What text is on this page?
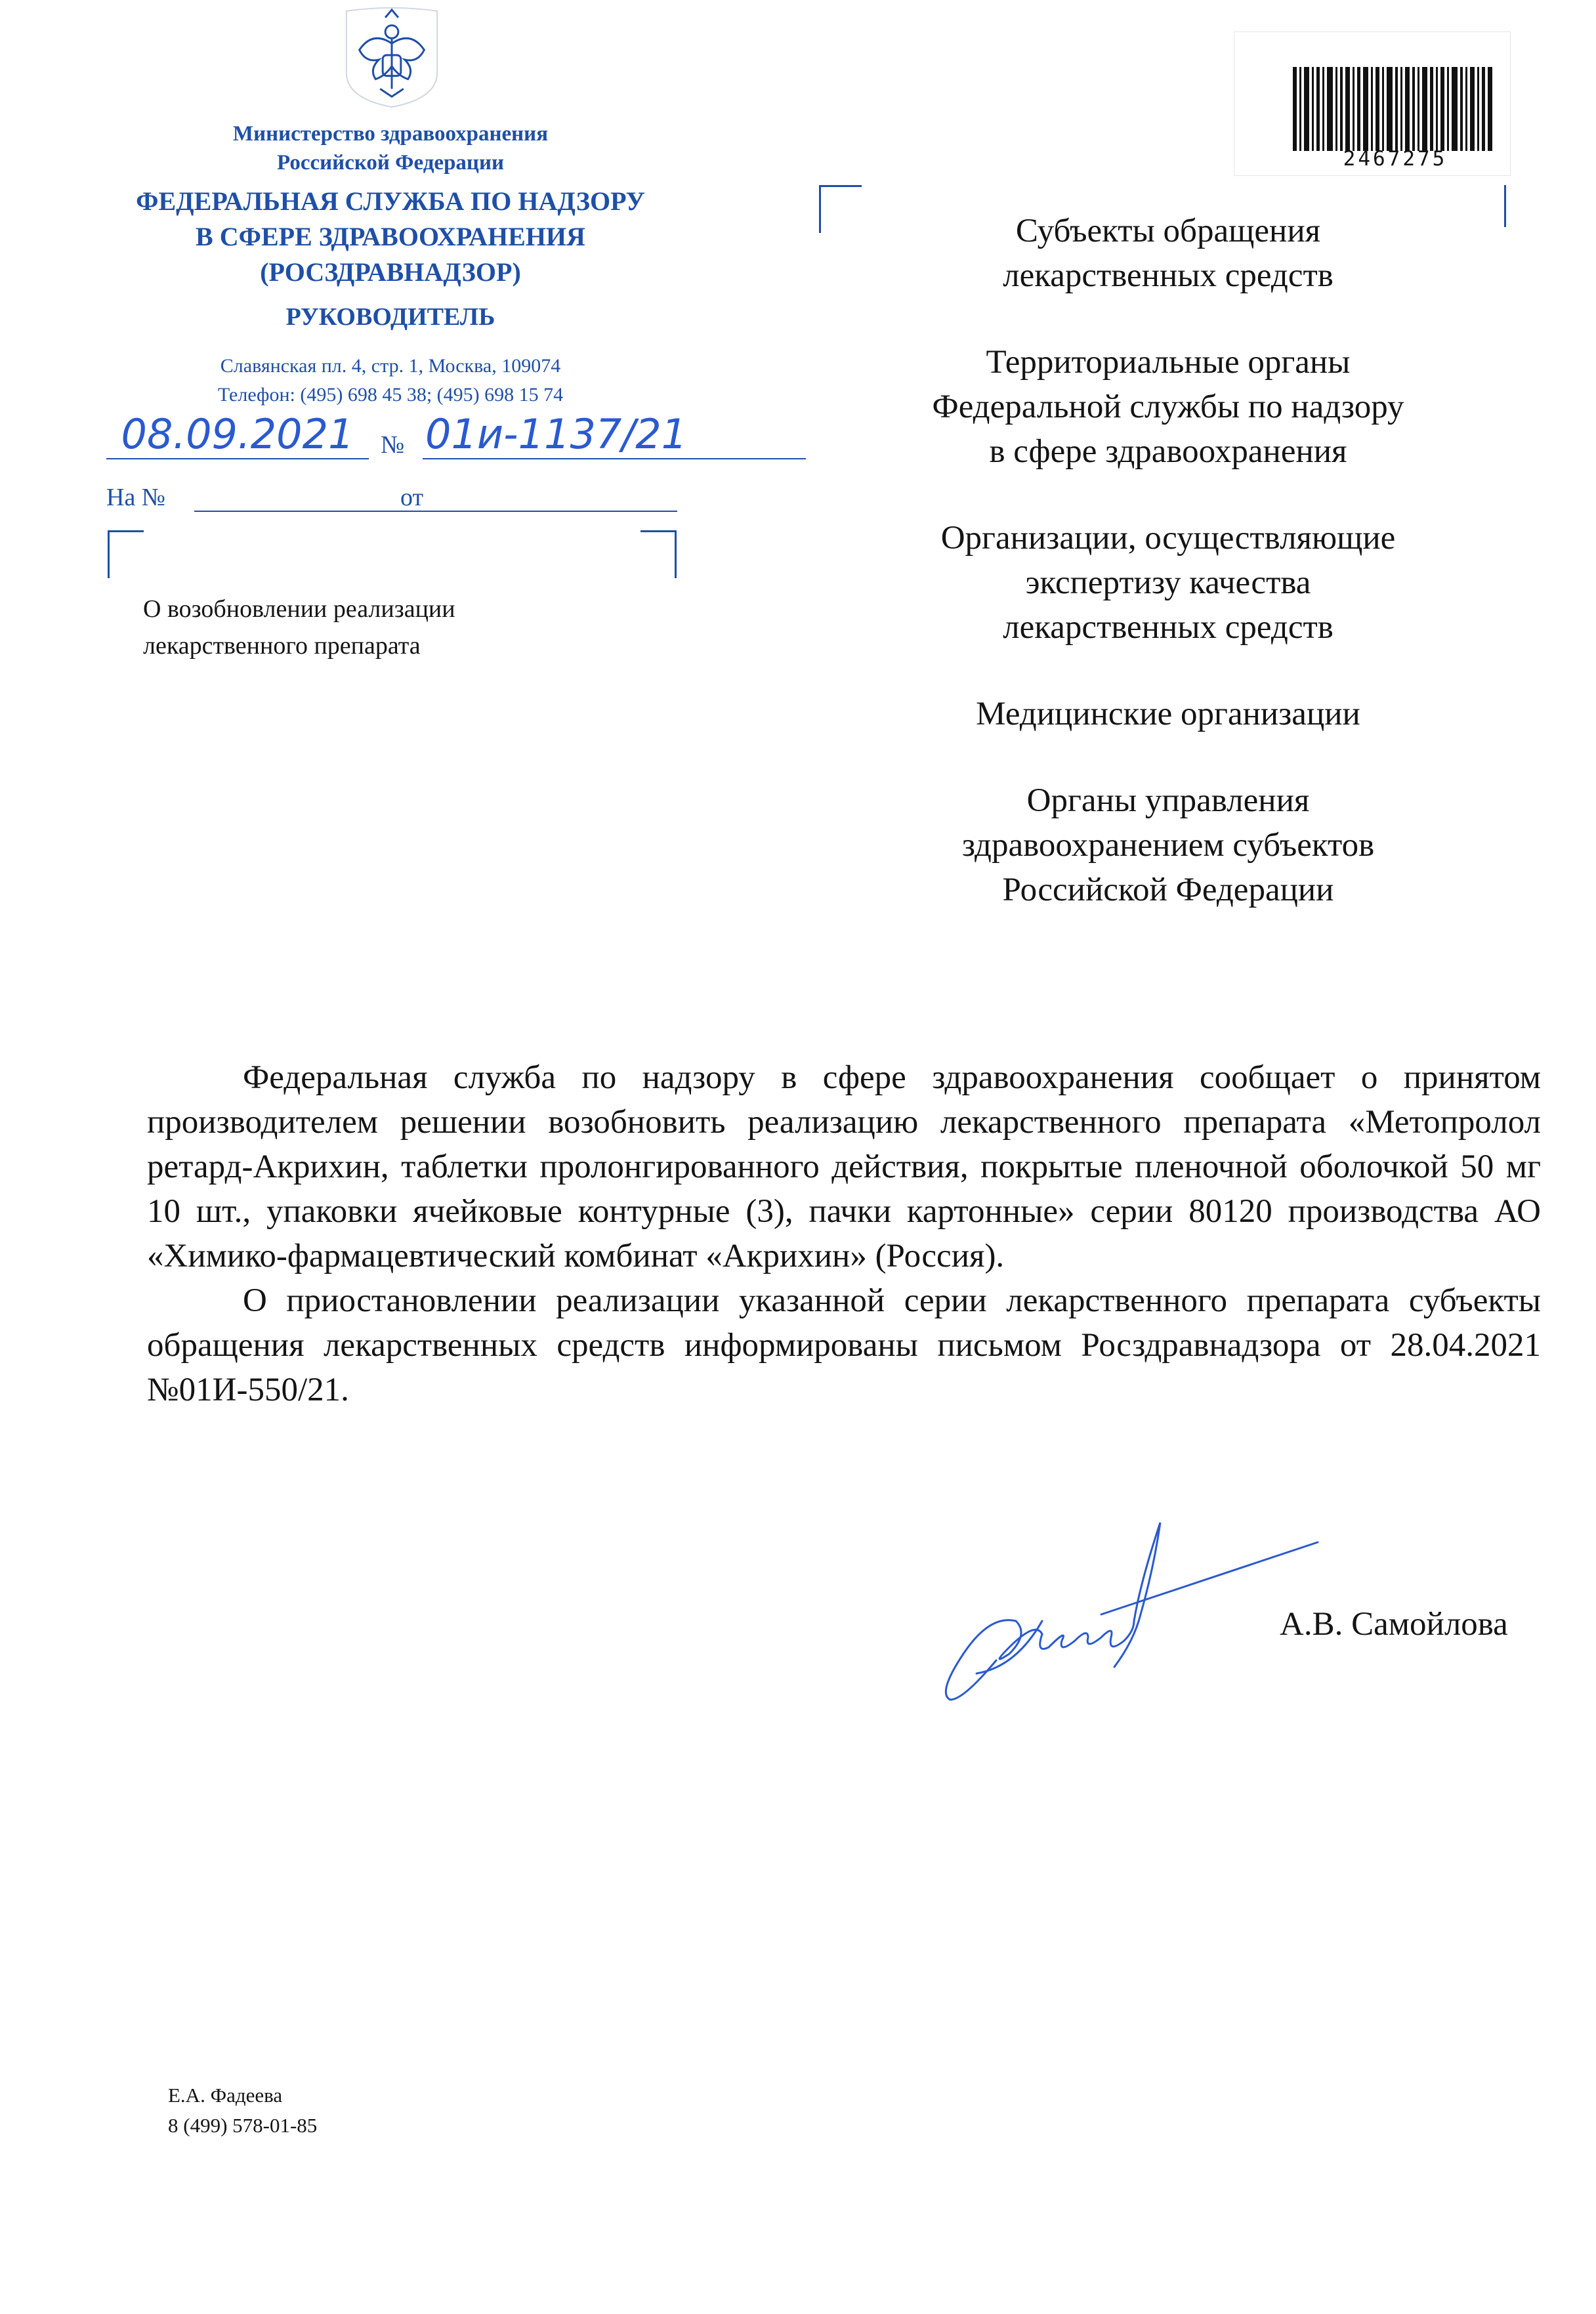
Министерство здравоохранения
Российской Федерации
ФЕДЕРАЛЬНАЯ СЛУЖБА ПО НАДЗОРУ
В СФЕРЕ ЗДРАВООХРАНЕНИЯ
(РОСЗДРАВНАДЗОР)
РУКОВОДИТЕЛЬ
Славянская пл. 4, стр. 1, Москва, 109074
Телефон: (495) 698 45 38; (495) 698 15 74
08.09.2021	№ 01и-1137/21
На №	от
О возобновлении реализации
лекарственного препарата
2467275
Субъекты обращения
лекарственных средств
Территориальные органы
Федеральной службы по надзору
в сфере здравоохранения
Организации, осуществляющие
экспертизу качества
лекарственных средств
Медицинские организации
Органы управления
здравоохранением субъектов
Российской Федерации

Федеральная служба по надзору в сфере здравоохранения сообщает о принятом производителем решении возобновить реализацию лекарственного препарата «Метопролол ретард-Акрихин, таблетки пролонгированного действия, покрытые пленочной оболочкой 50 мг 10 шт., упаковки ячейковые контурные (3), пачки картонные» серии 80120 производства АО «Химико-фармацевтический комбинат «Акрихин» (Россия).

О приостановлении реализации указанной серии лекарственного препарата субъекты обращения лекарственных средств информированы письмом Росздравнадзора от 28.04.2021 №01И-550/21.

А.В. Самойлова
Е.А. Фадеева
8 (499) 578-01-85
